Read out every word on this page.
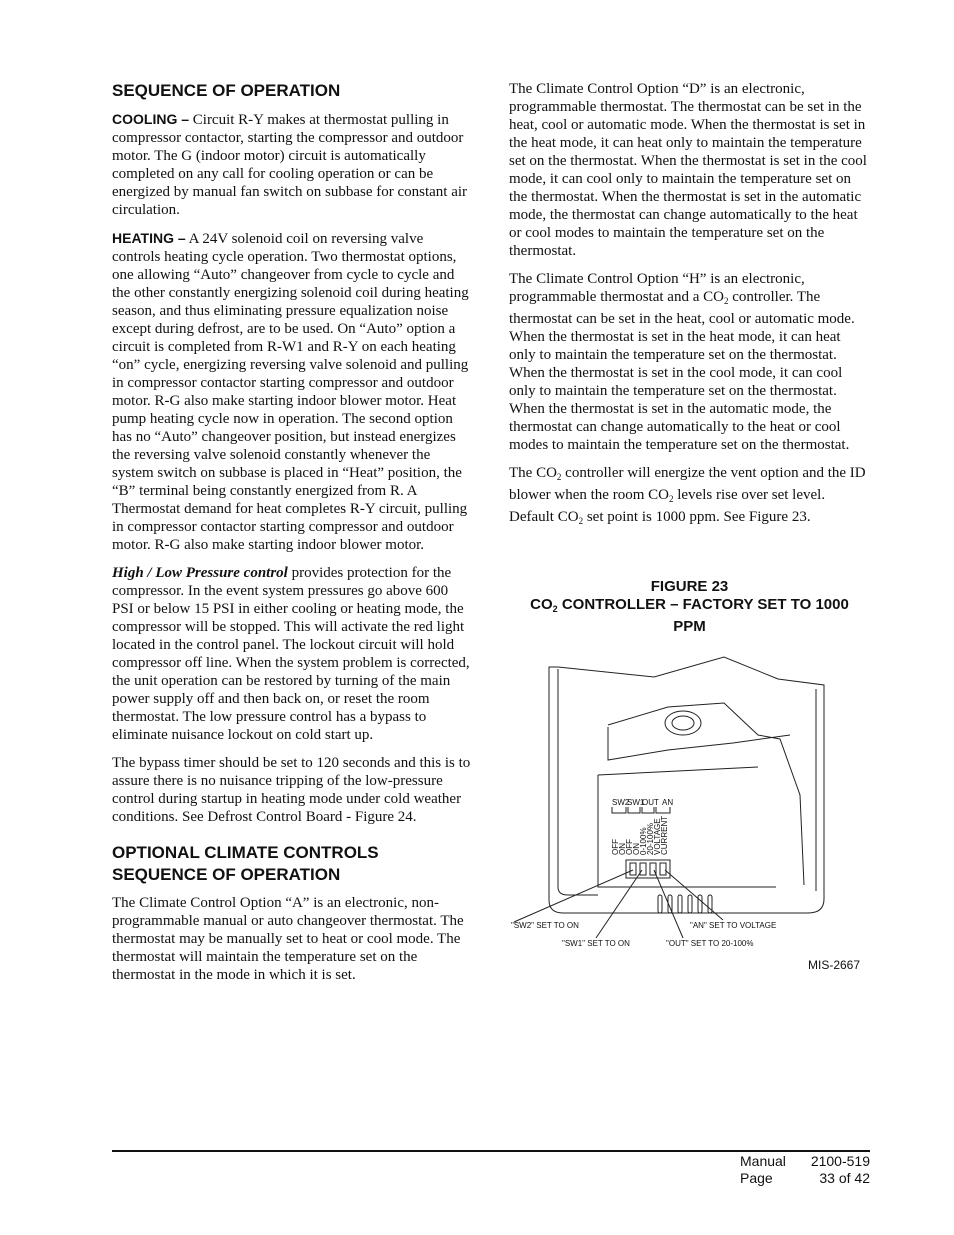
SEQUENCE OF OPERATION

COOLING – Circuit R-Y makes at thermostat pulling in compressor contactor, starting the compressor and outdoor motor. The G (indoor motor) circuit is automatically completed on any call for cooling operation or can be energized by manual fan switch on subbase for constant air circulation.

HEATING – A 24V solenoid coil on reversing valve controls heating cycle operation. Two thermostat options, one allowing “Auto” changeover from cycle to cycle and the other constantly energizing solenoid coil during heating season, and thus eliminating pressure equalization noise except during defrost, are to be used. On “Auto” option a circuit is completed from R-W1 and R-Y on each heating “on” cycle, energizing reversing valve solenoid and pulling in compressor contactor starting compressor and outdoor motor. R-G also make starting indoor blower motor. Heat pump heating cycle now in operation. The second option has no “Auto” changeover position, but instead energizes the reversing valve solenoid constantly whenever the system switch on subbase is placed in “Heat” position, the “B” terminal being constantly energized from R. A Thermostat demand for heat completes R-Y circuit, pulling in compressor contactor starting compressor and outdoor motor. R-G also make starting indoor blower motor.

High / Low Pressure control provides protection for the compressor. In the event system pressures go above 600 PSI or below 15 PSI in either cooling or heating mode, the compressor will be stopped. This will activate the red light located in the control panel. The lockout circuit will hold compressor off line. When the system problem is corrected, the unit operation can be restored by turning of the main power supply off and then back on, or reset the room thermostat. The low pressure control has a bypass to eliminate nuisance lockout on cold start up.

The bypass timer should be set to 120 seconds and this is to assure there is no nuisance tripping of the low-pressure control during startup in heating mode under cold weather conditions. See Defrost Control Board - Figure 24.

OPTIONAL CLIMATE CONTROLS
SEQUENCE OF OPERATION

The Climate Control Option “A” is an electronic, non-programmable manual or auto changeover thermostat. The thermostat may be manually set to heat or cool mode. The thermostat will maintain the temperature set on the thermostat in the mode in which it is set.

The Climate Control Option “D” is an electronic, programmable thermostat. The thermostat can be set in the heat, cool or automatic mode. When the thermostat is set in the heat mode, it can heat only to maintain the temperature set on the thermostat. When the thermostat is set in the cool mode, it can cool only to maintain the temperature set on the thermostat. When the thermostat is set in the automatic mode, the thermostat can change automatically to the heat or cool modes to maintain the temperature set on the thermostat.

The Climate Control Option “H” is an electronic, programmable thermostat and a $CO_2$ controller. The thermostat can be set in the heat, cool or automatic mode. When the thermostat is set in the heat mode, it can heat only to maintain the temperature set on the thermostat. When the thermostat is set in the cool mode, it can cool only to maintain the temperature set on the thermostat. When the thermostat is set in the automatic mode, the thermostat can change automatically to the heat or cool modes to maintain the temperature set on the thermostat.

The $CO_2$ controller will energize the vent option and the ID blower when the room $CO_2$ levels rise over set level. Default $CO_2$ set point is 1000 ppm. See Figure 23.

FIGURE 23

$CO_2$ CONTROLLER – FACTORY SET TO 1000 PPM

SW2
SW1
OUT AN
OFF
ON
OFF
ON
0-100%
20-100%
VOLTAGE
CURRENT
"SW2" SET TO ON
"SW1" SET TO ON
"AN" SET TO VOLTAGE
"OUT" SET TO 20-100%
MIS-2667
Manual
Page
2100-519
33 of 42
